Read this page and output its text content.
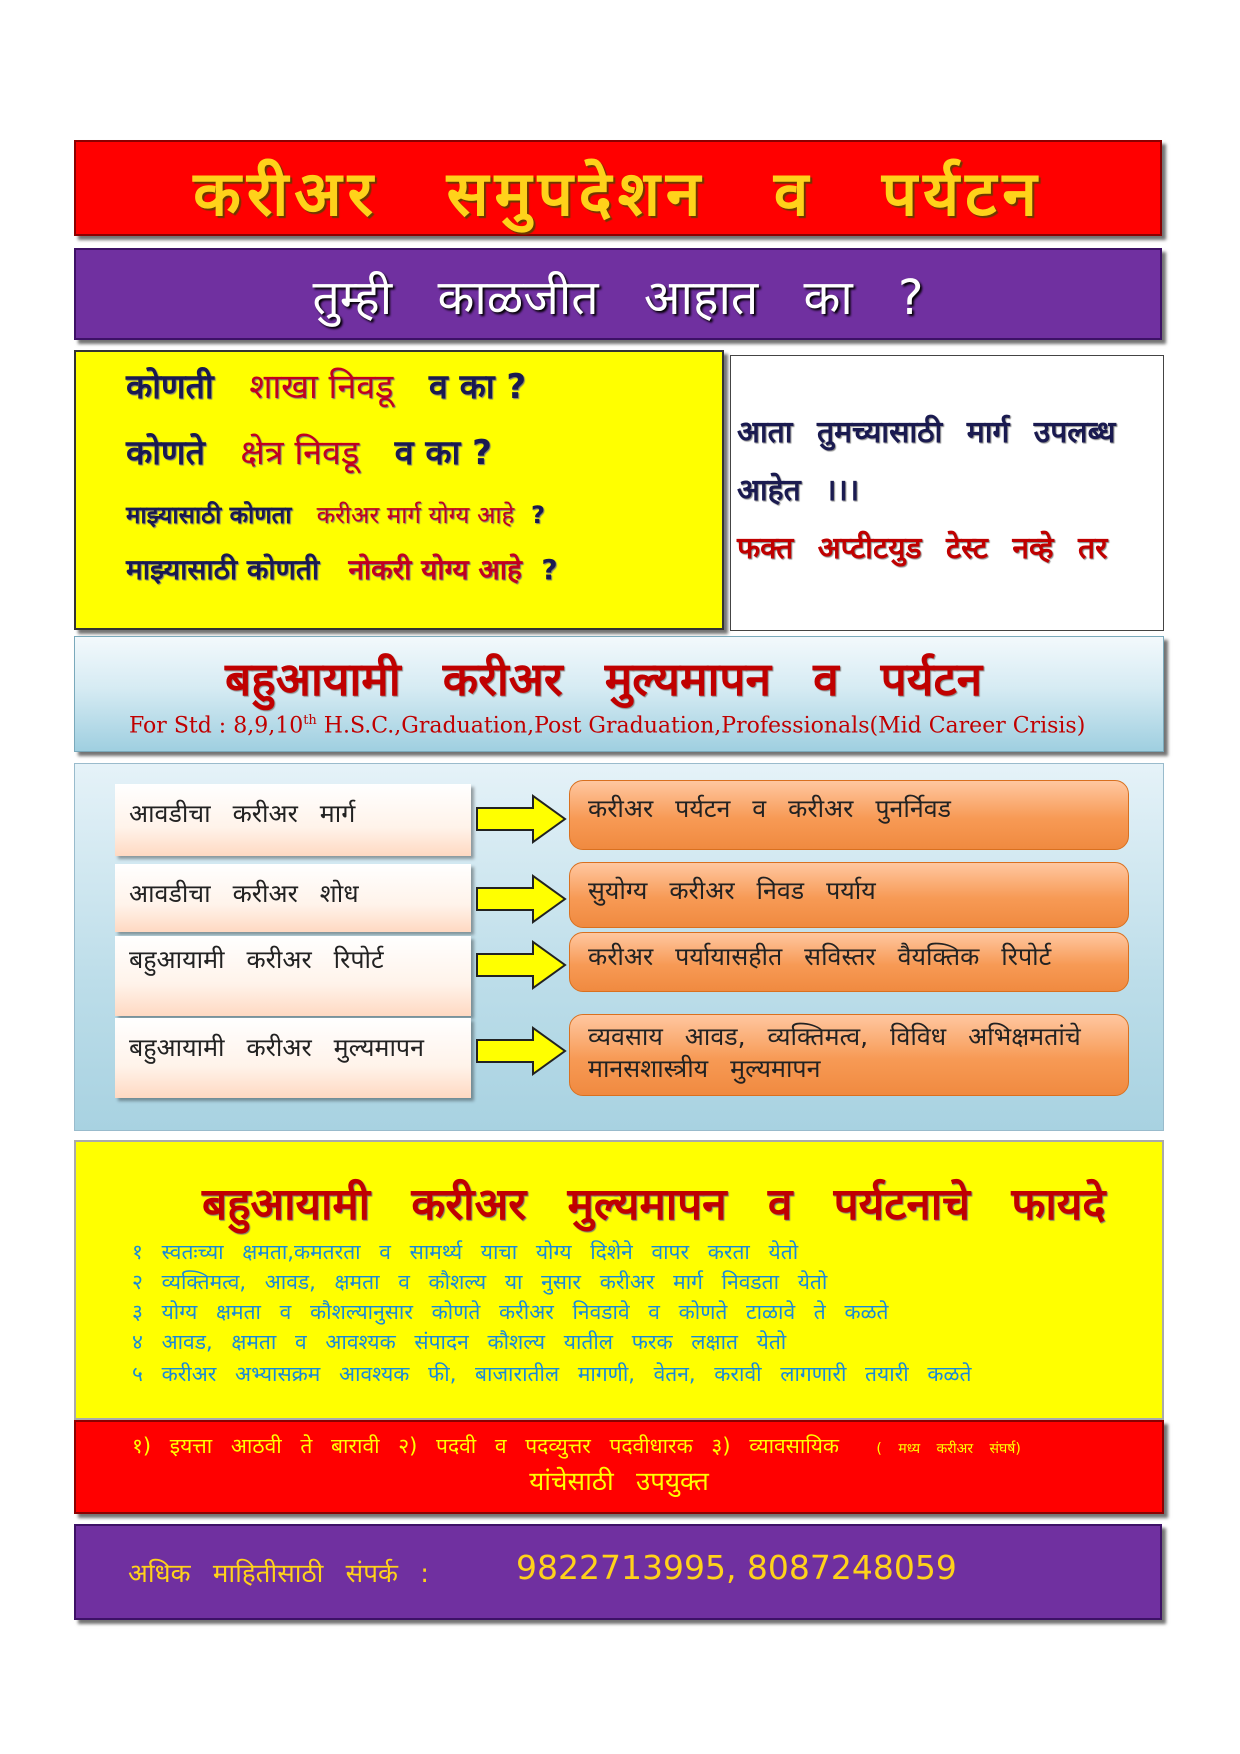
करीअर समुपदेशन व पर्यटन
तुम्ही काळजीत आहात का ?
कोणती शाखा निवडू व का ?
कोणते क्षेत्र निवडू व का ?
माझ्यासाठी कोणता करीअर मार्ग योग्य आहे ?
माझ्यासाठी कोणती नोकरी योग्य आहे ?
आता तुमच्यासाठी मार्ग उपलब्ध
आहेत ।।।
फक्त अप्टीटयुड टेस्ट नव्हे तर
बहुआयामी करीअर मुल्यमापन व पर्यटन
For Std : 8,9,10th H.S.C.,Graduation,Post Graduation,Professionals(Mid Career Crisis)
आवडीचा करीअर मार्ग	करीअर पर्यटन व करीअर पुनर्निवड
आवडीचा करीअर शोध	सुयोग्य करीअर निवड पर्याय
बहुआयामी करीअर रिपोर्ट	करीअर पर्यायासहीत सविस्तर वैयक्तिक रिपोर्ट
बहुआयामी करीअर मुल्यमापन	व्यवसाय आवड, व्यक्तिमत्व, विविध अभिक्षमतांचे
मानसशास्त्रीय मुल्यमापन
बहुआयामी करीअर मुल्यमापन व पर्यटनाचे फायदे
१ स्वतःच्या क्षमता,कमतरता व सामर्थ्य याचा योग्य दिशेने वापर करता येतो
२ व्यक्तिमत्व, आवड, क्षमता व कौशल्य या नुसार करीअर मार्ग निवडता येतो
३ योग्य क्षमता व कौशल्यानुसार कोणते करीअर निवडावे व कोणते टाळावे ते कळते
४ आवड, क्षमता व आवश्यक संपादन कौशल्य यातील फरक लक्षात येतो
५ करीअर अभ्यासक्रम आवश्यक फी, बाजारातील मागणी, वेतन, करावी लागणारी तयारी कळते
१) इयत्ता आठवी ते बारावी २) पदवी व पदव्युत्तर पदवीधारक ३) व्यावसायिक	( मध्य करीअर संघर्ष)
यांचेसाठी उपयुक्त
अधिक माहितीसाठी संपर्क :	9822713995, 8087248059
